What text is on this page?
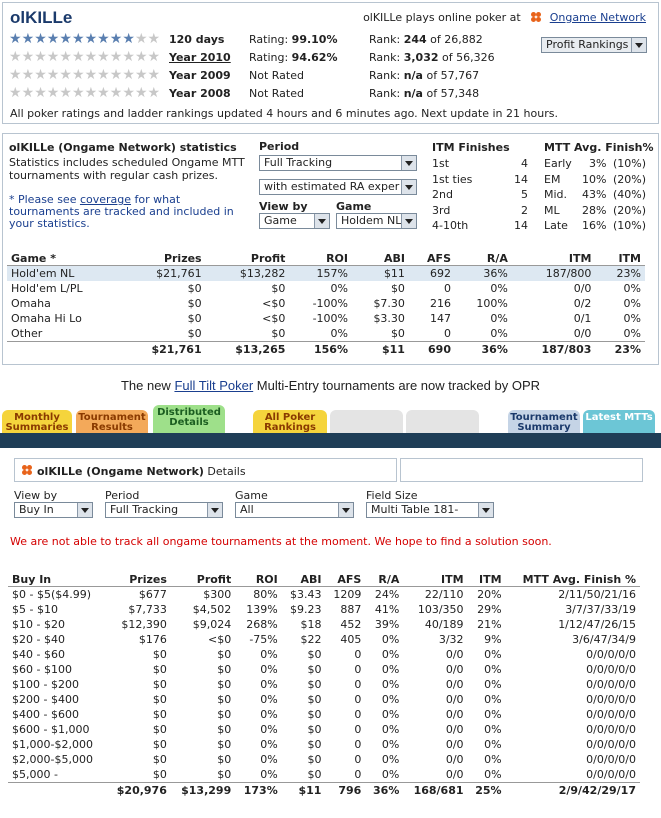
olKILLe	olKILLe plays online poker at	Ongame Network
★★★★★★★★★★★★ 120 days Rating: 99.10%	Rank: 244 of 26,882
★★★★★★★★★★★★ Year 2010 Rating: 94.62%	Rank: 3,032 of 56,326
★★★★★★★★★★★★ Year 2009 Not Rated	Rank: n/a of 57,767
★★★★★★★★★★★★ Year 2008 Not Rated	Rank: n/a of 57,348
Profit Rankings
All poker ratings and ladder rankings updated 4 hours and 6 minutes ago. Next update in 21 hours.
olKILLe (Ongame Network) statistics
Statistics includes scheduled Ongame MTT tournaments with regular cash prizes.
* Please see coverage for what tournaments are tracked and included in your statistics.
Period
Full Tracking
with estimated RA exper
View by	Game
Game	Holdem NL
ITM Finishes
1st	4
1st ties	14
2nd	5
3rd	2
4-10th	14
MTT Avg. Finish%
Early	3%	(10%)
EM	10%	(20%)
Mid.	43%	(40%)
ML	28%	(20%)
Late	16%	(10%)
Game *	Prizes	Profit	ROI	ABI	AFS	R/A	ITM	ITM
Hold'em NL	$21,761	$13,282	157%	$11	692	36%	187/800	23%
Hold'em L/PL	$0	$0	0%	$0	0	0%	0/0	0%
Omaha	$0	<$0	-100%	$7.30	216	100%	0/2	0%
Omaha Hi Lo	$0	<$0	-100%	$3.30	147	0%	0/1	0%
Other	$0	$0	0%	$0	0	0%	0/0	0%
	$21,761	$13,265	156%	$11	690	36%	187/803	23%
The new Full Tilt Poker Multi-Entry tournaments are now tracked by OPR
Monthly Summaries
Tournament Results
Distributed Details	All Poker Rankings
Tournament Summary
Latest MTTs
olKILLe (Ongame Network) Details
View by
Buy In
Period
Full Tracking
Game
All
Field Size
Multi Table 181-
We are not able to track all ongame tournaments at the moment. We hope to find a solution soon.
Buy In	Prizes	Profit	ROI	ABI	AFS	R/A	ITM	ITM	MTT Avg. Finish %
$0 - $5($4.99)	$677	$300	80%	$3.43	1209	24%	22/110	20%	2/11/50/21/16
$5 - $10	$7,733	$4,502	139%	$9.23	887	41%	103/350	29%	3/7/37/33/19
$10 - $20	$12,390	$9,024	268%	$18	452	39%	40/189	21%	1/12/47/26/15
$20 - $40	$176	<$0	-75%	$22	405	0%	3/32	9%	3/6/47/34/9
$40 - $60	$0	$0	0%	$0	0	0%	0/0	0%	0/0/0/0/0
$60 - $100	$0	$0	0%	$0	0	0%	0/0	0%	0/0/0/0/0
$100 - $200	$0	$0	0%	$0	0	0%	0/0	0%	0/0/0/0/0
$200 - $400	$0	$0	0%	$0	0	0%	0/0	0%	0/0/0/0/0
$400 - $600	$0	$0	0%	$0	0	0%	0/0	0%	0/0/0/0/0
$600 - $1,000	$0	$0	0%	$0	0	0%	0/0	0%	0/0/0/0/0
$1,000-$2,000	$0	$0	0%	$0	0	0%	0/0	0%	0/0/0/0/0
$2,000-$5,000	$0	$0	0%	$0	0	0%	0/0	0%	0/0/0/0/0
$5,000 -	$0	$0	0%	$0	0	0%	0/0	0%	0/0/0/0/0
	$20,976	$13,299	173%	$11	796	36%	168/681	25%	2/9/42/29/17
